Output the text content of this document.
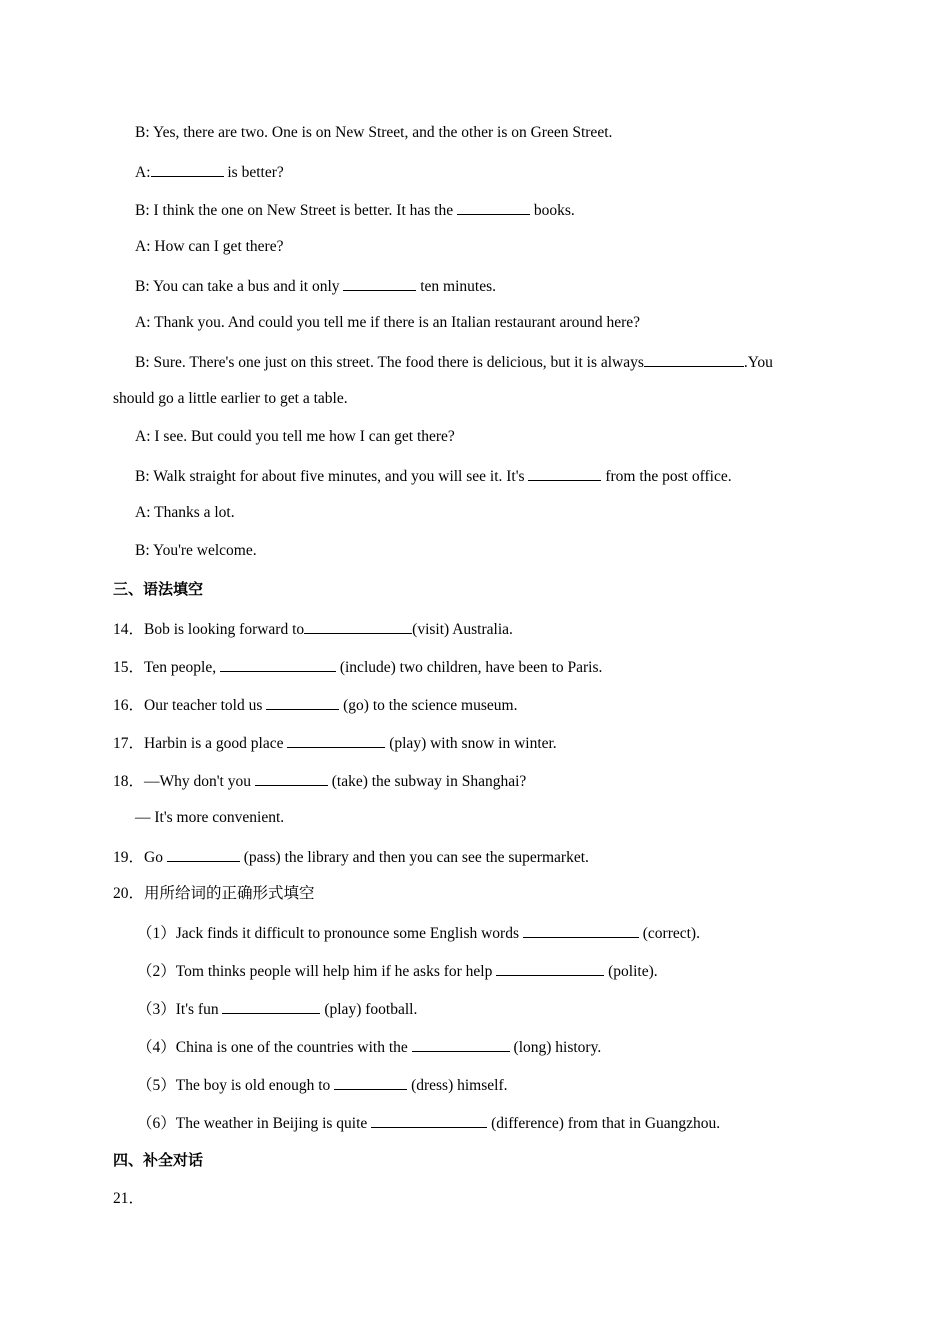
B: Yes, there are two. One is on New Street, and the other is on Green Street.
A:	is better?
B: I think the one on New Street is better. It has the	books.
A: How can I get there?
B: You can take a bus and it only	ten minutes.
A: Thank you. And could you tell me if there is an Italian restaurant around here?
B: Sure. There's one just on this street. The food there is delicious, but it is always	.You
should go a little earlier to get a table.
A: I see. But could you tell me how I can get there?
B: Walk straight for about five minutes, and you will see it. It's	from the post office.
A: Thanks a lot.
B: You're welcome.
三、语法填空
14．Bob is looking forward to	(visit) Australia.
15．Ten people,	(include) two children, have been to Paris.
16．Our teacher told us	(go) to the science museum.
17．Harbin is a good place	(play) with snow in winter.
18．—Why don't you	(take) the subway in Shanghai?
— It's more convenient.
19．Go	(pass) the library and then you can see the supermarket.
20．用所给词的正确形式填空
（1）Jack finds it difficult to pronounce some English words	(correct).
（2）Tom thinks people will help him if he asks for help	(polite).
（3）It's fun	(play) football.
（4）China is one of the countries with the	(long) history.
（5）The boy is old enough to	(dress) himself.
（6）The weather in Beijing is quite	(difference) from that in Guangzhou.
四、补全对话
21．
